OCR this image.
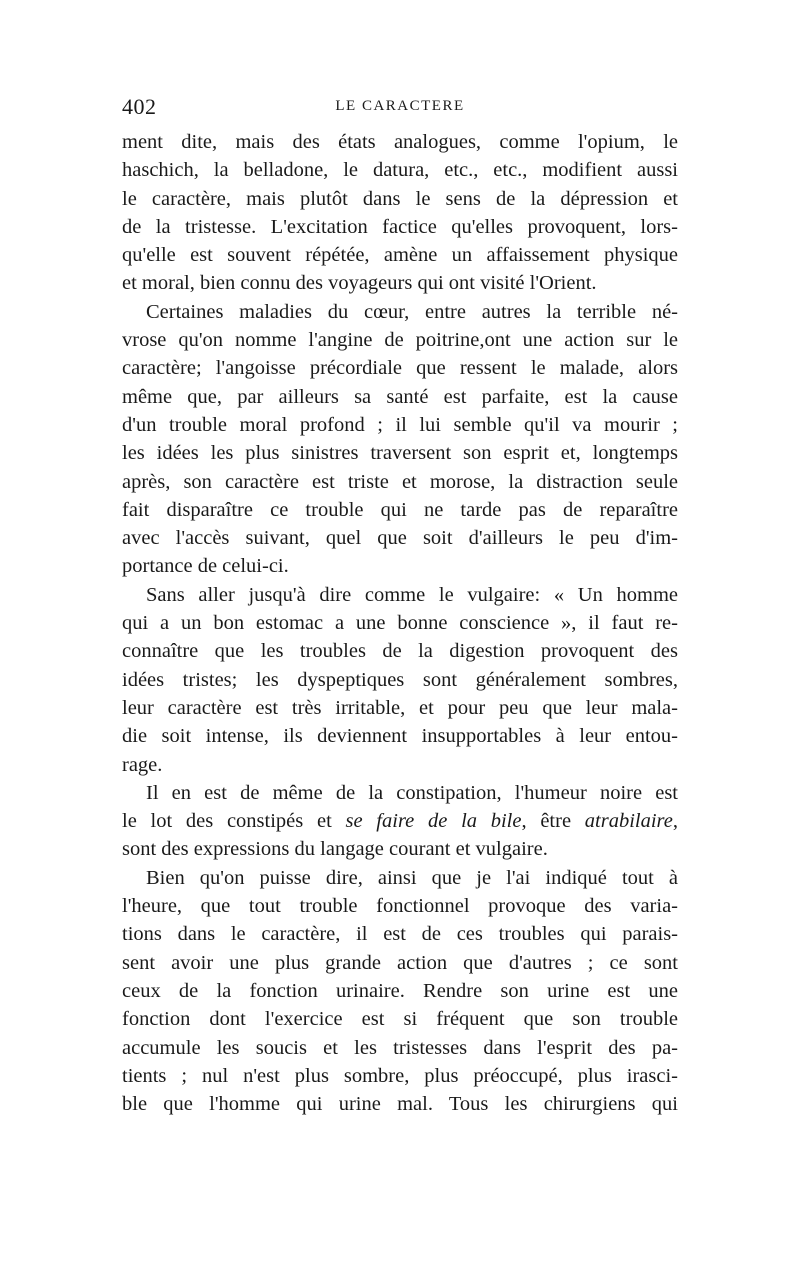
402	LE CARACTERE
ment dite, mais des états analogues, comme l'opium, le
haschich, la belladone, le datura, etc., etc., modifient aussi
le caractère, mais plutôt dans le sens de la dépression et
de la tristesse. L'excitation factice qu'elles provoquent, lors-
qu'elle est souvent répétée, amène un affaissement physique
et moral, bien connu des voyageurs qui ont visité l'Orient.
Certaines maladies du cœur, entre autres la terrible né-
vrose qu'on nomme l'angine de poitrine,ont une action sur le
caractère; l'angoisse précordiale que ressent le malade, alors
même que, par ailleurs sa santé est parfaite, est la cause
d'un trouble moral profond ; il lui semble qu'il va mourir ;
les idées les plus sinistres traversent son esprit et, longtemps
après, son caractère est triste et morose, la distraction seule
fait disparaître ce trouble qui ne tarde pas de reparaître
avec l'accès suivant, quel que soit d'ailleurs le peu d'im-
portance de celui-ci.
Sans aller jusqu'à dire comme le vulgaire: « Un homme
qui a un bon estomac a une bonne conscience », il faut re-
connaître que les troubles de la digestion provoquent des
idées tristes; les dyspeptiques sont généralement sombres,
leur caractère est très irritable, et pour peu que leur mala-
die soit intense, ils deviennent insupportables à leur entou-
rage.
Il en est de même de la constipation, l'humeur noire est
le lot des constipés et se faire de la bile, être atrabilaire,
sont des expressions du langage courant et vulgaire.
Bien qu'on puisse dire, ainsi que je l'ai indiqué tout à
l'heure, que tout trouble fonctionnel provoque des varia-
tions dans le caractère, il est de ces troubles qui parais-
sent avoir une plus grande action que d'autres ; ce sont
ceux de la fonction urinaire. Rendre son urine est une
fonction dont l'exercice est si fréquent que son trouble
accumule les soucis et les tristesses dans l'esprit des pa-
tients ; nul n'est plus sombre, plus préoccupé, plus irasci-
ble que l'homme qui urine mal. Tous les chirurgiens qui
